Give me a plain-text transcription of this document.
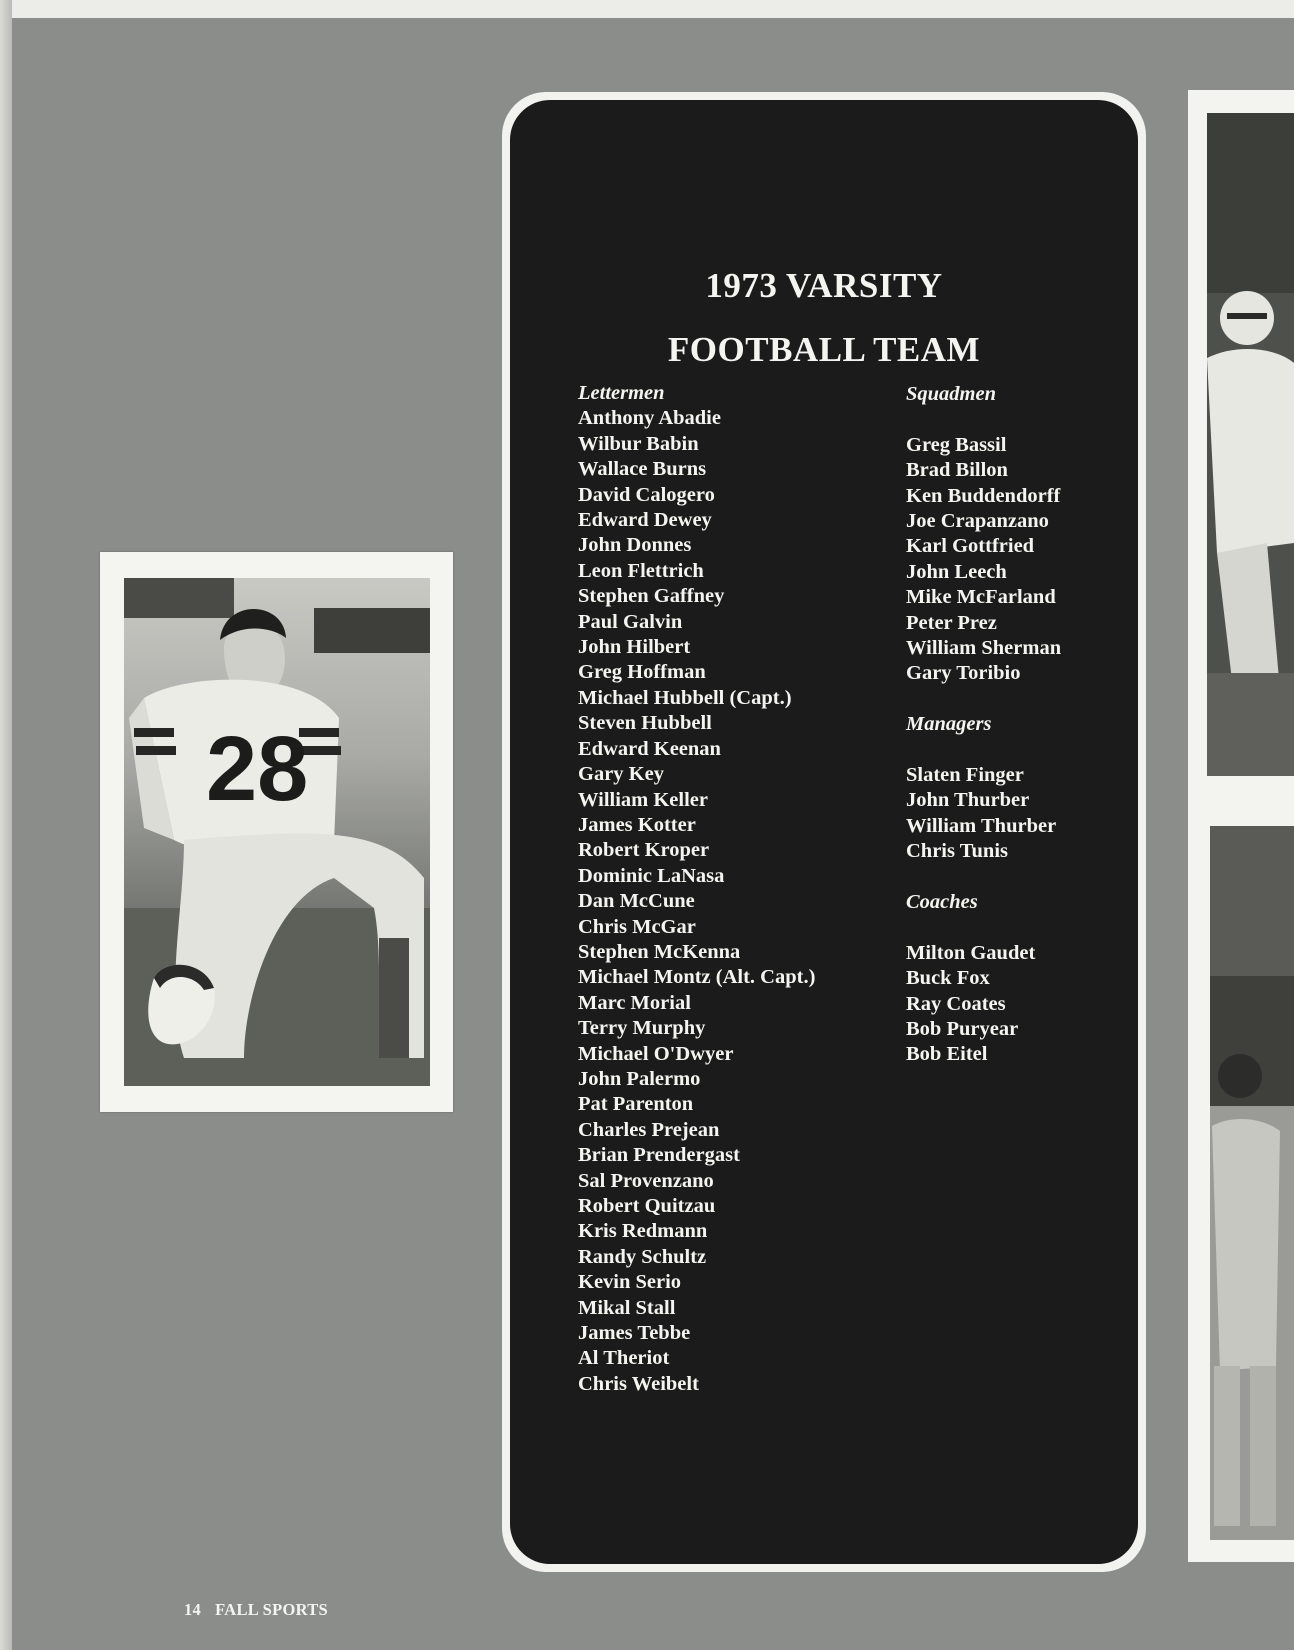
28
1973 VARSITY
FOOTBALL TEAM
Lettermen
Anthony Abadie
Wilbur Babin
Wallace Burns
David Calogero
Edward Dewey
John Donnes
Leon Flettrich
Stephen Gaffney
Paul Galvin
John Hilbert
Greg Hoffman
Michael Hubbell (Capt.)
Steven Hubbell
Edward Keenan
Gary Key
William Keller
James Kotter
Robert Kroper
Dominic LaNasa
Dan McCune
Chris McGar
Stephen McKenna
Michael Montz (Alt. Capt.)
Marc Morial
Terry Murphy
Michael O'Dwyer
John Palermo
Pat Parenton
Charles Prejean
Brian Prendergast
Sal Provenzano
Robert Quitzau
Kris Redmann
Randy Schultz
Kevin Serio
Mikal Stall
James Tebbe
Al Theriot
Chris Weibelt
Squadmen
Greg Bassil
Brad Billon
Ken Buddendorff
Joe Crapanzano
Karl Gottfried
John Leech
Mike McFarland
Peter Prez
William Sherman
Gary Toribio
Managers
Slaten Finger
John Thurber
William Thurber
Chris Tunis
Coaches
Milton Gaudet
Buck Fox
Ray Coates
Bob Puryear
Bob Eitel
14 FALL SPORTS
